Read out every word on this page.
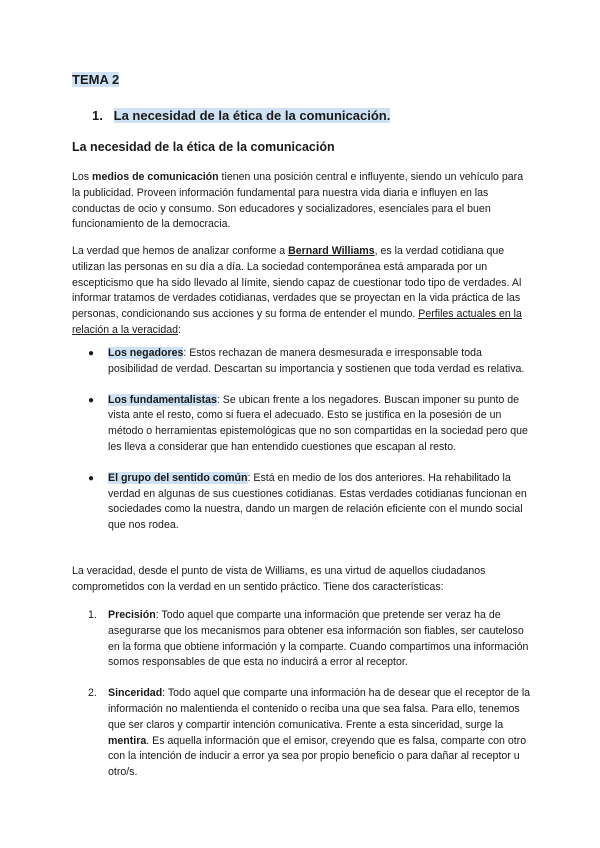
TEMA 2
1. La necesidad de la ética de la comunicación.
La necesidad de la ética de la comunicación

Los medios de comunicación tienen una posición central e influyente, siendo un vehículo para la publicidad. Proveen información fundamental para nuestra vida diaria e influyen en las conductas de ocio y consumo. Son educadores y socializadores, esenciales para el buen funcionamiento de la democracia.

La verdad que hemos de analizar conforme a Bernard Williams, es la verdad cotidiana que utilizan las personas en su día a día. La sociedad contemporánea está amparada por un escepticismo que ha sido llevado al límite, siendo capaz de cuestionar todo tipo de verdades. Al informar tratamos de verdades cotidianas, verdades que se proyectan en la vida práctica de las personas, condicionando sus acciones y su forma de entender el mundo. Perfiles actuales en la relación a la veracidad:

● Los negadores: Estos rechazan de manera desmesurada e irresponsable toda posibilidad de verdad. Descartan su importancia y sostienen que toda verdad es relativa.
● Los fundamentalistas: Se ubican frente a los negadores. Buscan imponer su punto de vista ante el resto, como si fuera el adecuado. Esto se justifica en la posesión de un método o herramientas epistemológicas que no son compartidas en la sociedad pero que les lleva a considerar que han entendido cuestiones que escapan al resto.
● El grupo del sentido común: Está en medio de los dos anteriores. Ha rehabilitado la verdad en algunas de sus cuestiones cotidianas. Estas verdades cotidianas funcionan en sociedades como la nuestra, dando un margen de relación eficiente con el mundo social que nos rodea.

La veracidad, desde el punto de vista de Williams, es una virtud de aquellos ciudadanos comprometidos con la verdad en un sentido práctico. Tiene dos características:

1. Precisión: Todo aquel que comparte una información que pretende ser veraz ha de asegurarse que los mecanismos para obtener esa información son fiables, ser cauteloso en la forma que obtiene información y la comparte. Cuando compartimos una información somos responsables de que esta no inducirá a error al receptor.
2. Sinceridad: Todo aquel que comparte una información ha de desear que el receptor de la información no malentienda el contenido o reciba una que sea falsa. Para ello, tenemos que ser claros y compartir intención comunicativa. Frente a esta sinceridad, surge la mentira. Es aquella información que el emisor, creyendo que es falsa, comparte con otro con la intención de inducir a error ya sea por propio beneficio o para dañar al receptor u otro/s.
